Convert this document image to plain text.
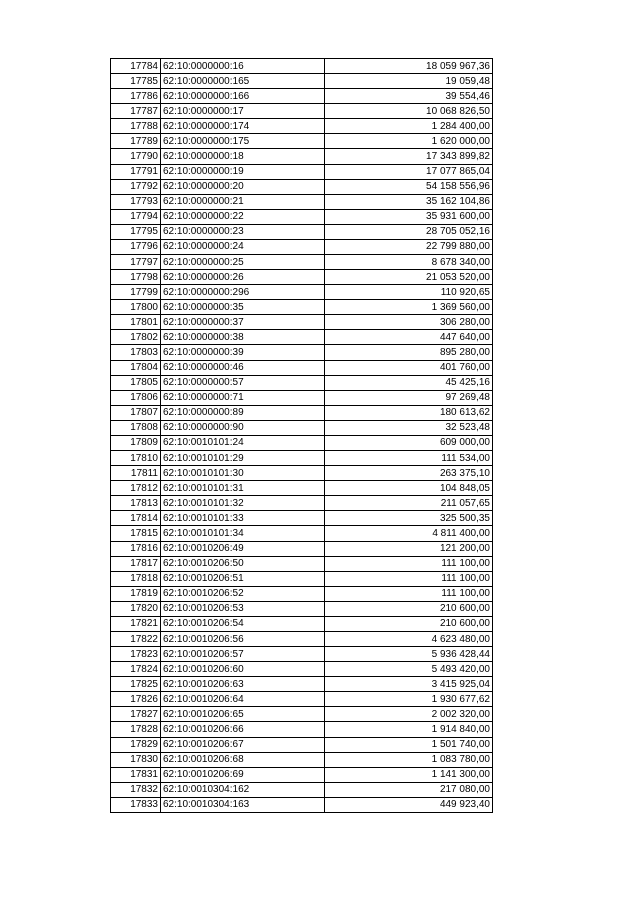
17784	62:10:0000000:16	18 059 967,36
17785	62:10:0000000:165	19 059,48
17786	62:10:0000000:166	39 554,46
17787	62:10:0000000:17	10 068 826,50
17788	62:10:0000000:174	1 284 400,00
17789	62:10:0000000:175	1 620 000,00
17790	62:10:0000000:18	17 343 899,82
17791	62:10:0000000:19	17 077 865,04
17792	62:10:0000000:20	54 158 556,96
17793	62:10:0000000:21	35 162 104,86
17794	62:10:0000000:22	35 931 600,00
17795	62:10:0000000:23	28 705 052,16
17796	62:10:0000000:24	22 799 880,00
17797	62:10:0000000:25	8 678 340,00
17798	62:10:0000000:26	21 053 520,00
17799	62:10:0000000:296	110 920,65
17800	62:10:0000000:35	1 369 560,00
17801	62:10:0000000:37	306 280,00
17802	62:10:0000000:38	447 640,00
17803	62:10:0000000:39	895 280,00
17804	62:10:0000000:46	401 760,00
17805	62:10:0000000:57	45 425,16
17806	62:10:0000000:71	97 269,48
17807	62:10:0000000:89	180 613,62
17808	62:10:0000000:90	32 523,48
17809	62:10:0010101:24	609 000,00
17810	62:10:0010101:29	111 534,00
17811	62:10:0010101:30	263 375,10
17812	62:10:0010101:31	104 848,05
17813	62:10:0010101:32	211 057,65
17814	62:10:0010101:33	325 500,35
17815	62:10:0010101:34	4 811 400,00
17816	62:10:0010206:49	121 200,00
17817	62:10:0010206:50	111 100,00
17818	62:10:0010206:51	111 100,00
17819	62:10:0010206:52	111 100,00
17820	62:10:0010206:53	210 600,00
17821	62:10:0010206:54	210 600,00
17822	62:10:0010206:56	4 623 480,00
17823	62:10:0010206:57	5 936 428,44
17824	62:10:0010206:60	5 493 420,00
17825	62:10:0010206:63	3 415 925,04
17826	62:10:0010206:64	1 930 677,62
17827	62:10:0010206:65	2 002 320,00
17828	62:10:0010206:66	1 914 840,00
17829	62:10:0010206:67	1 501 740,00
17830	62:10:0010206:68	1 083 780,00
17831	62:10:0010206:69	1 141 300,00
17832	62:10:0010304:162	217 080,00
17833	62:10:0010304:163	449 923,40
